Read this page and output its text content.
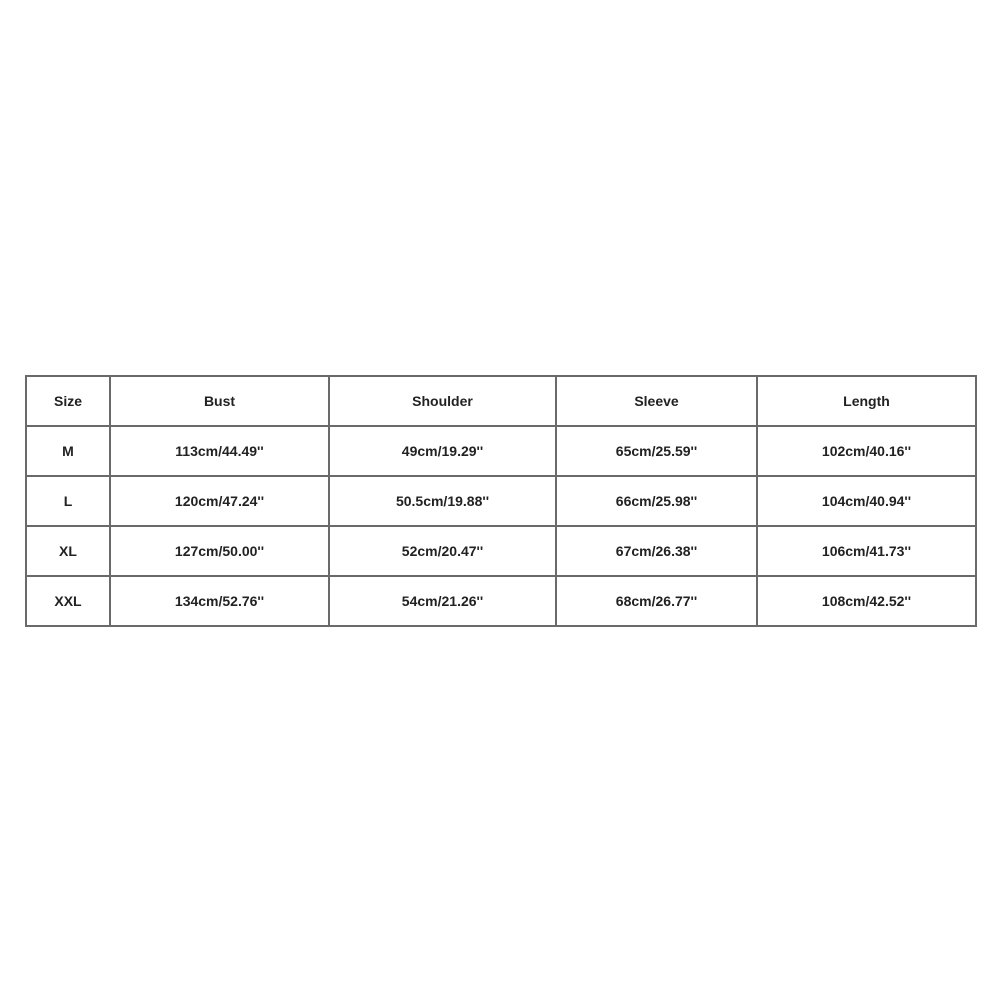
Size	Bust	Shoulder	Sleeve	Length
M	113cm/44.49''	49cm/19.29''	65cm/25.59''	102cm/40.16''
L	120cm/47.24''	50.5cm/19.88''	66cm/25.98''	104cm/40.94''
XL	127cm/50.00''	52cm/20.47''	67cm/26.38''	106cm/41.73''
XXL	134cm/52.76''	54cm/21.26''	68cm/26.77''	108cm/42.52''
